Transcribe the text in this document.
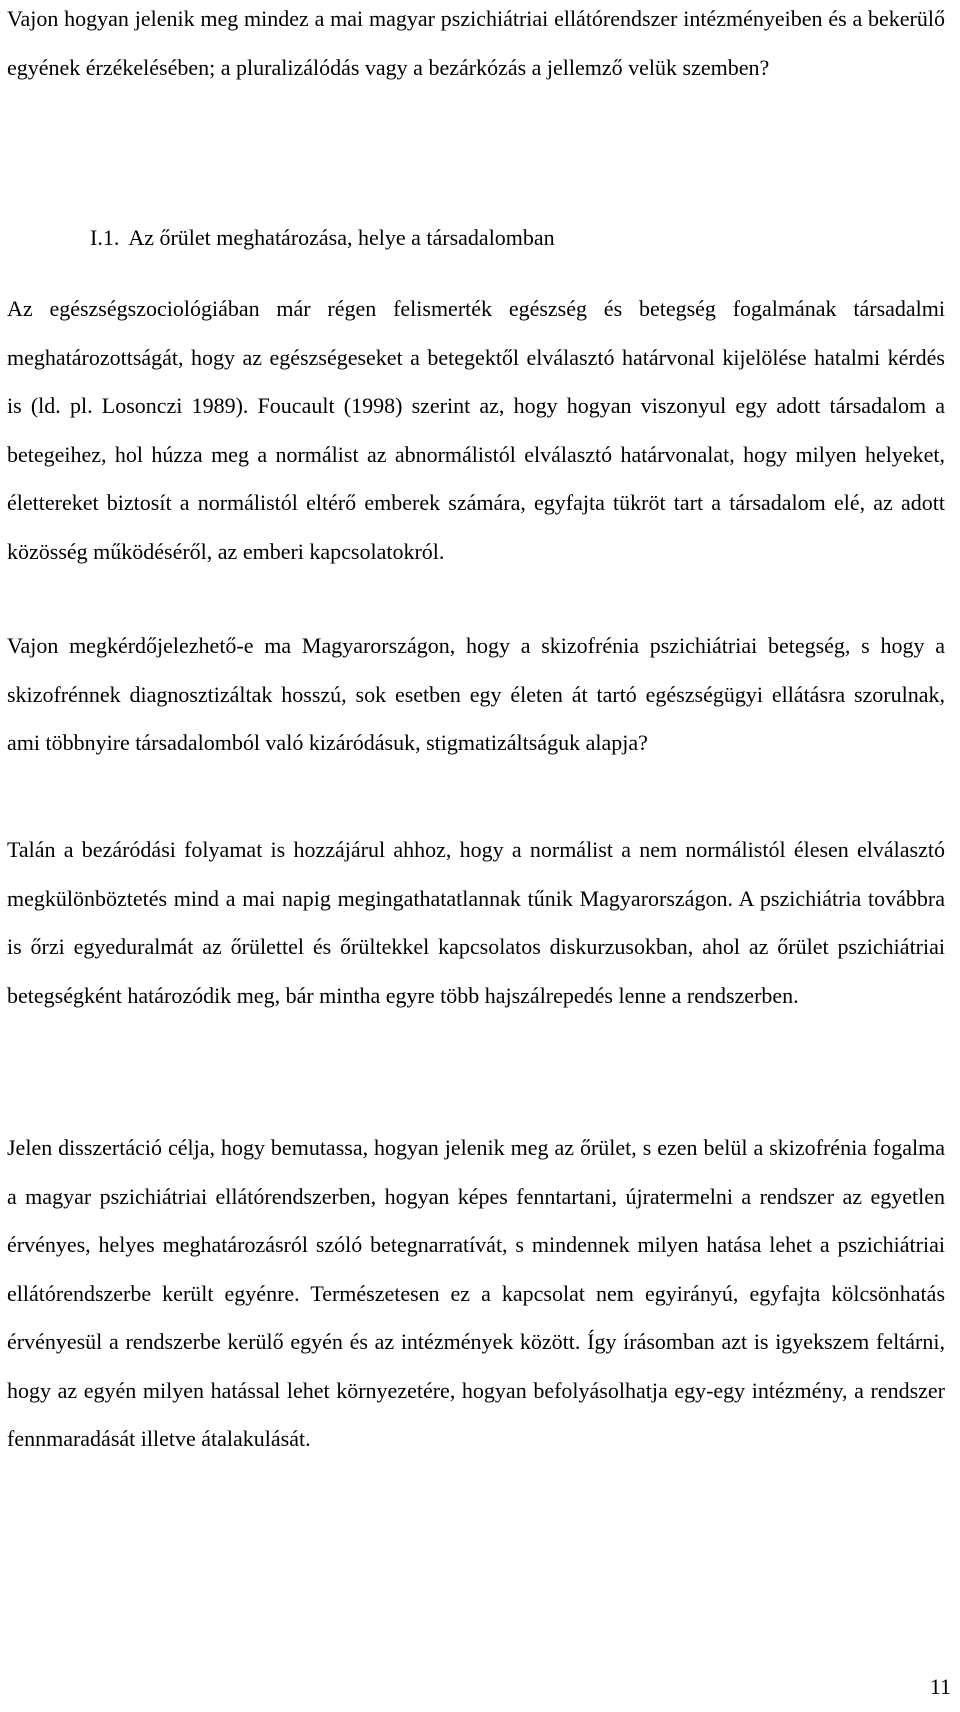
Vajon hogyan jelenik meg mindez a mai magyar pszichiátriai ellátórendszer intézményeiben és a bekerülő egyének érzékelésében; a pluralizálódás vagy a bezárkózás a jellemző velük szemben?

I.1. Az őrület meghatározása, helye a társadalomban

Az egészségszociológiában már régen felismerték egészség és betegség fogalmának társadalmi meghatározottságát, hogy az egészségeseket a betegektől elválasztó határvonal kijelölése hatalmi kérdés is (ld. pl. Losonczi 1989). Foucault (1998) szerint az, hogy hogyan viszonyul egy adott társadalom a betegeihez, hol húzza meg a normálist az abnormálistól elválasztó határvonalat, hogy milyen helyeket, élettereket biztosít a normálistól eltérő emberek számára, egyfajta tükröt tart a társadalom elé, az adott közösség működéséről, az emberi kapcsolatokról.

Vajon megkérdőjelezhető-e ma Magyarországon, hogy a skizofrénia pszichiátriai betegség, s hogy a skizofrénnek diagnosztizáltak hosszú, sok esetben egy életen át tartó egészségügyi ellátásra szorulnak, ami többnyire társadalomból való kizáródásuk, stigmatizáltságuk alapja?

Talán a bezáródási folyamat is hozzájárul ahhoz, hogy a normálist a nem normálistól élesen elválasztó megkülönböztetés mind a mai napig megingathatatlannak tűnik Magyarországon. A pszichiátria továbbra is őrzi egyeduralmát az őrülettel és őrültekkel kapcsolatos diskurzusokban, ahol az őrület pszichiátriai betegségként határozódik meg, bár mintha egyre több hajszálrepedés lenne a rendszerben.

Jelen disszertáció célja, hogy bemutassa, hogyan jelenik meg az őrület, s ezen belül a skizofrénia fogalma a magyar pszichiátriai ellátórendszerben, hogyan képes fenntartani, újratermelni a rendszer az egyetlen érvényes, helyes meghatározásról szóló betegnarratívát, s mindennek milyen hatása lehet a pszichiátriai ellátórendszerbe került egyénre. Természetesen ez a kapcsolat nem egyirányú, egyfajta kölcsönhatás érvényesül a rendszerbe kerülő egyén és az intézmények között. Így írásomban azt is igyekszem feltárni, hogy az egyén milyen hatással lehet környezetére, hogyan befolyásolhatja egy-egy intézmény, a rendszer fennmaradását illetve átalakulását.

11
